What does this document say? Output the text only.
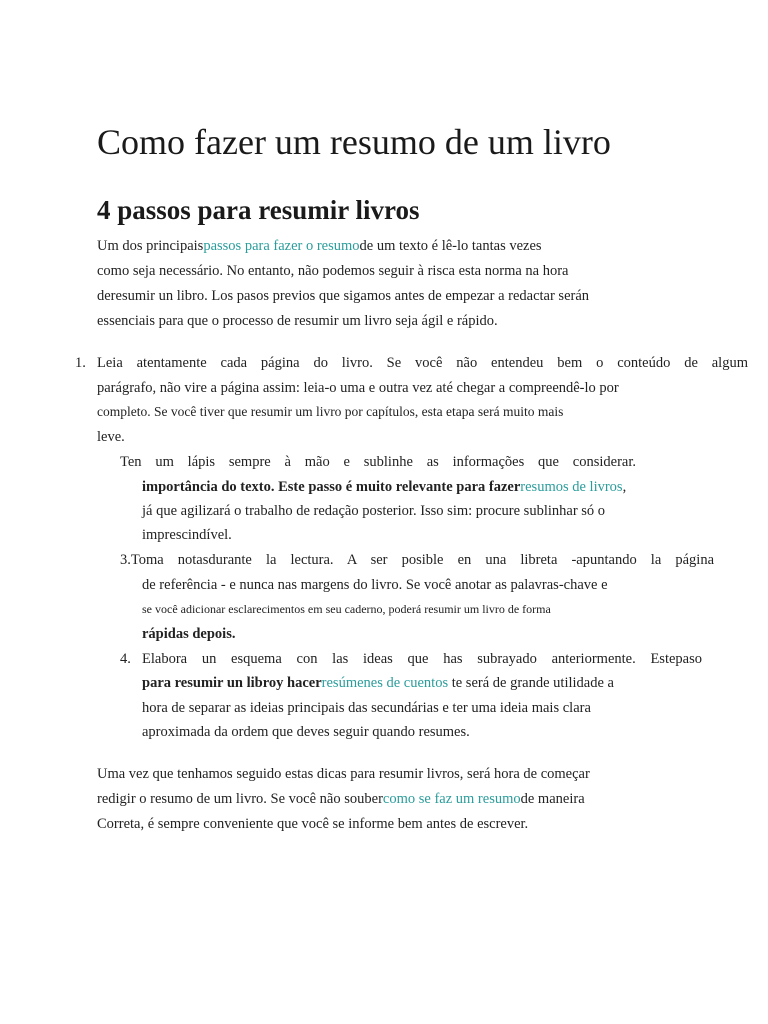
Como fazer um resumo de um livro
4 passos para resumir livros
Um dos principaispassos para fazer o resumode um texto é lê-lo tantas vezes
como seja necessário. No entanto, não podemos seguir à risca esta norma na hora
deresumir un libro. Los pasos previos que sigamos antes de empezar a redactar serán
essenciais para que o processo de resumir um livro seja ágil e rápido.
1. Leia atentamente cada página do livro. Se você não entendeu bem o conteúdo de algum
parágrafo, não vire a página assim: leia-o uma e outra vez até chegar a compreendê-lo por
completo. Se você tiver que resumir um livro por capítulos, esta etapa será muito mais
leve.
Ten um lápis sempre à mão e sublinhe as informações que considerar.
importância do texto. Este passo é muito relevante para fazerresumos de livros,
já que agilizará o trabalho de redação posterior. Isso sim: procure sublinhar só o
imprescindível.
3.Toma notasdurante la lectura. A ser posible en una libreta -apuntando la página
de referência - e nunca nas margens do livro. Se você anotar as palavras-chave e
se você adicionar esclarecimentos em seu caderno, poderá resumir um livro de forma
rápidas depois.
4. Elabora un esquema con las ideas que has subrayado anteriormente. Estepaso
para resumir un libroy hacerresúmenes de cuentos te será de grande utilidade a
hora de separar as ideias principais das secundárias e ter uma ideia mais clara
aproximada da ordem que deves seguir quando resumes.
Uma vez que tenhamos seguido estas dicas para resumir livros, será hora de começar
redigir o resumo de um livro. Se você não soubercomo se faz um resumode maneira
Correta, é sempre conveniente que você se informe bem antes de escrever.
